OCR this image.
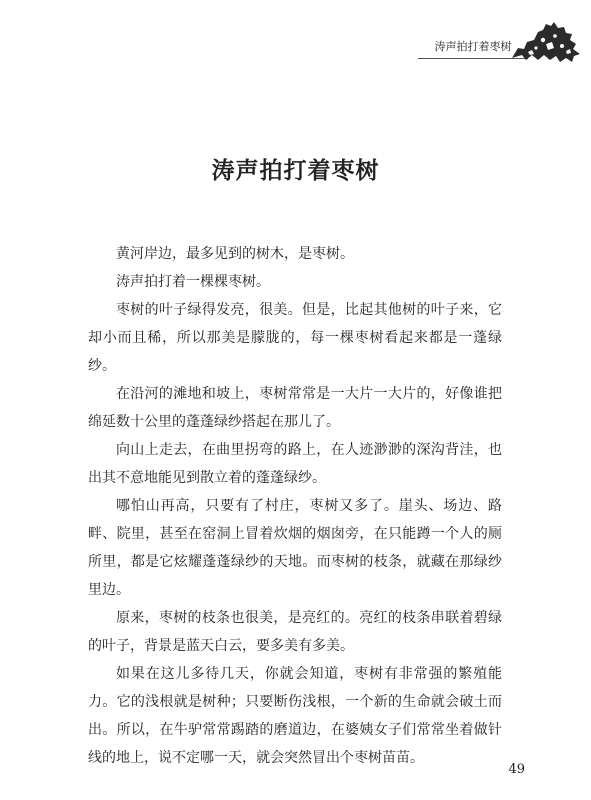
涛声拍打着枣树
涛声拍打着枣树

黄河岸边，最多见到的树木，是枣树。

涛声拍打着一棵棵枣树。

枣树的叶子绿得发亮，很美。但是，比起其他树的叶子来，它却小而且稀，所以那美是朦胧的，每一棵枣树看起来都是一蓬绿纱。

在沿河的滩地和坡上，枣树常常是一大片一大片的，好像谁把绵延数十公里的蓬蓬绿纱搭起在那儿了。

向山上走去，在曲里拐弯的路上，在人迹渺渺的深沟背洼，也出其不意地能见到散立着的蓬蓬绿纱。

哪怕山再高，只要有了村庄，枣树又多了。崖头、场边、路畔、院里，甚至在窑洞上冒着炊烟的烟囱旁，在只能蹲一个人的厕所里，都是它炫耀蓬蓬绿纱的天地。而枣树的枝条，就藏在那绿纱里边。

原来，枣树的枝条也很美，是亮红的。亮红的枝条串联着碧绿的叶子，背景是蓝天白云，要多美有多美。

如果在这儿多待几天，你就会知道，枣树有非常强的繁殖能力。它的浅根就是树种；只要断伤浅根，一个新的生命就会破土而出。所以，在牛驴常常踢踏的磨道边，在婆姨女子们常常坐着做针线的地上，说不定哪一天，就会突然冒出个枣树苗苗。

49
